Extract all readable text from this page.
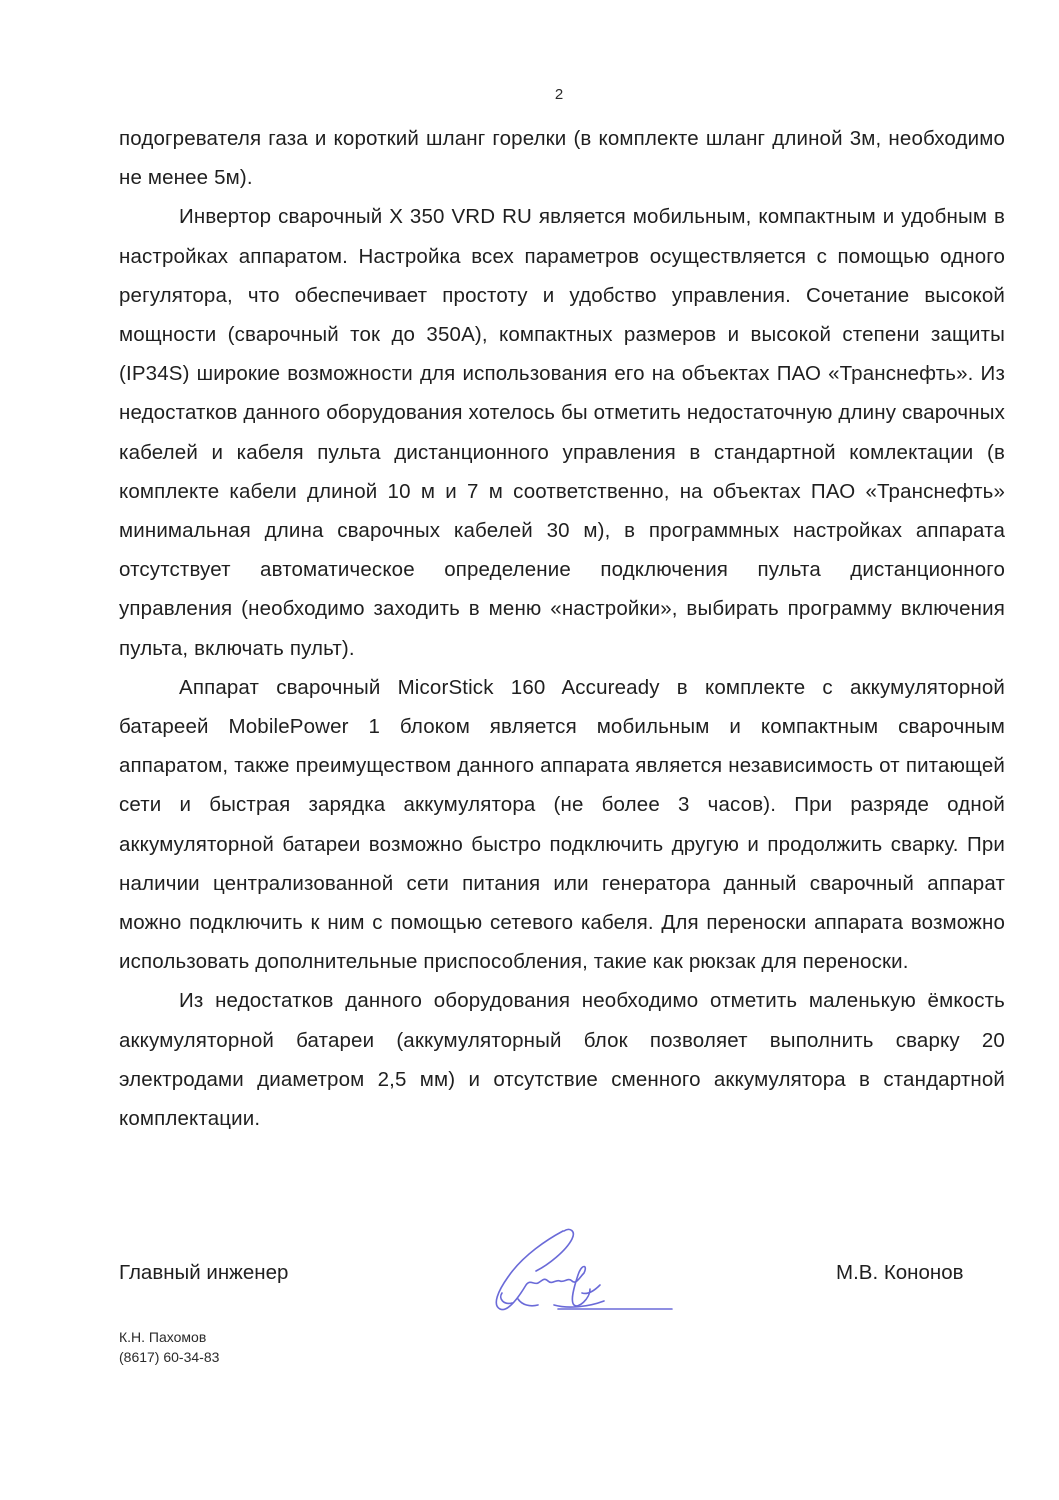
2

подогревателя газа и короткий шланг горелки (в комплекте шланг длиной 3м, необходимо не менее 5м).

Инвертор сварочный X 350 VRD RU является мобильным, компактным и удобным в настройках аппаратом. Настройка всех параметров осуществляется с помощью одного регулятора, что обеспечивает простоту и удобство управления. Сочетание высокой мощности (сварочный ток до 350А), компактных размеров и высокой степени защиты (IP34S) широкие возможности для использования его на объектах ПАО «Транснефть». Из недостатков данного оборудования хотелось бы отметить недостаточную длину сварочных кабелей и кабеля пульта дистанционного управления в стандартной комлектации (в комплекте кабели длиной 10 м и 7 м соответственно, на объектах ПАО «Транснефть» минимальная длина сварочных кабелей 30 м), в программных настройках аппарата отсутствует автоматическое определение подключения пульта дистанционного управления (необходимо заходить в меню «настройки», выбирать программу включения пульта, включать пульт).

Аппарат сварочный MicorStick 160 Accuready в комплекте с аккумуляторной батареей MobilePower 1 блоком является мобильным и компактным сварочным аппаратом, также преимуществом данного аппарата является независимость от питающей сети и быстрая зарядка аккумулятора (не более 3 часов). При разряде одной аккумуляторной батареи возможно быстро подключить другую и продолжить сварку. При наличии централизованной сети питания или генератора данный сварочный аппарат можно подключить к ним с помощью сетевого кабеля. Для переноски аппарата возможно использовать дополнительные приспособления, такие как рюкзак для переноски.

Из недостатков данного оборудования необходимо отметить маленькую ёмкость аккумуляторной батареи (аккумуляторный блок позволяет выполнить сварку 20 электродами диаметром 2,5 мм) и отсутствие сменного аккумулятора в стандартной комплектации.

Главный инженер	М.В. Кононов
К.Н. Пахомов
(8617) 60-34-83
